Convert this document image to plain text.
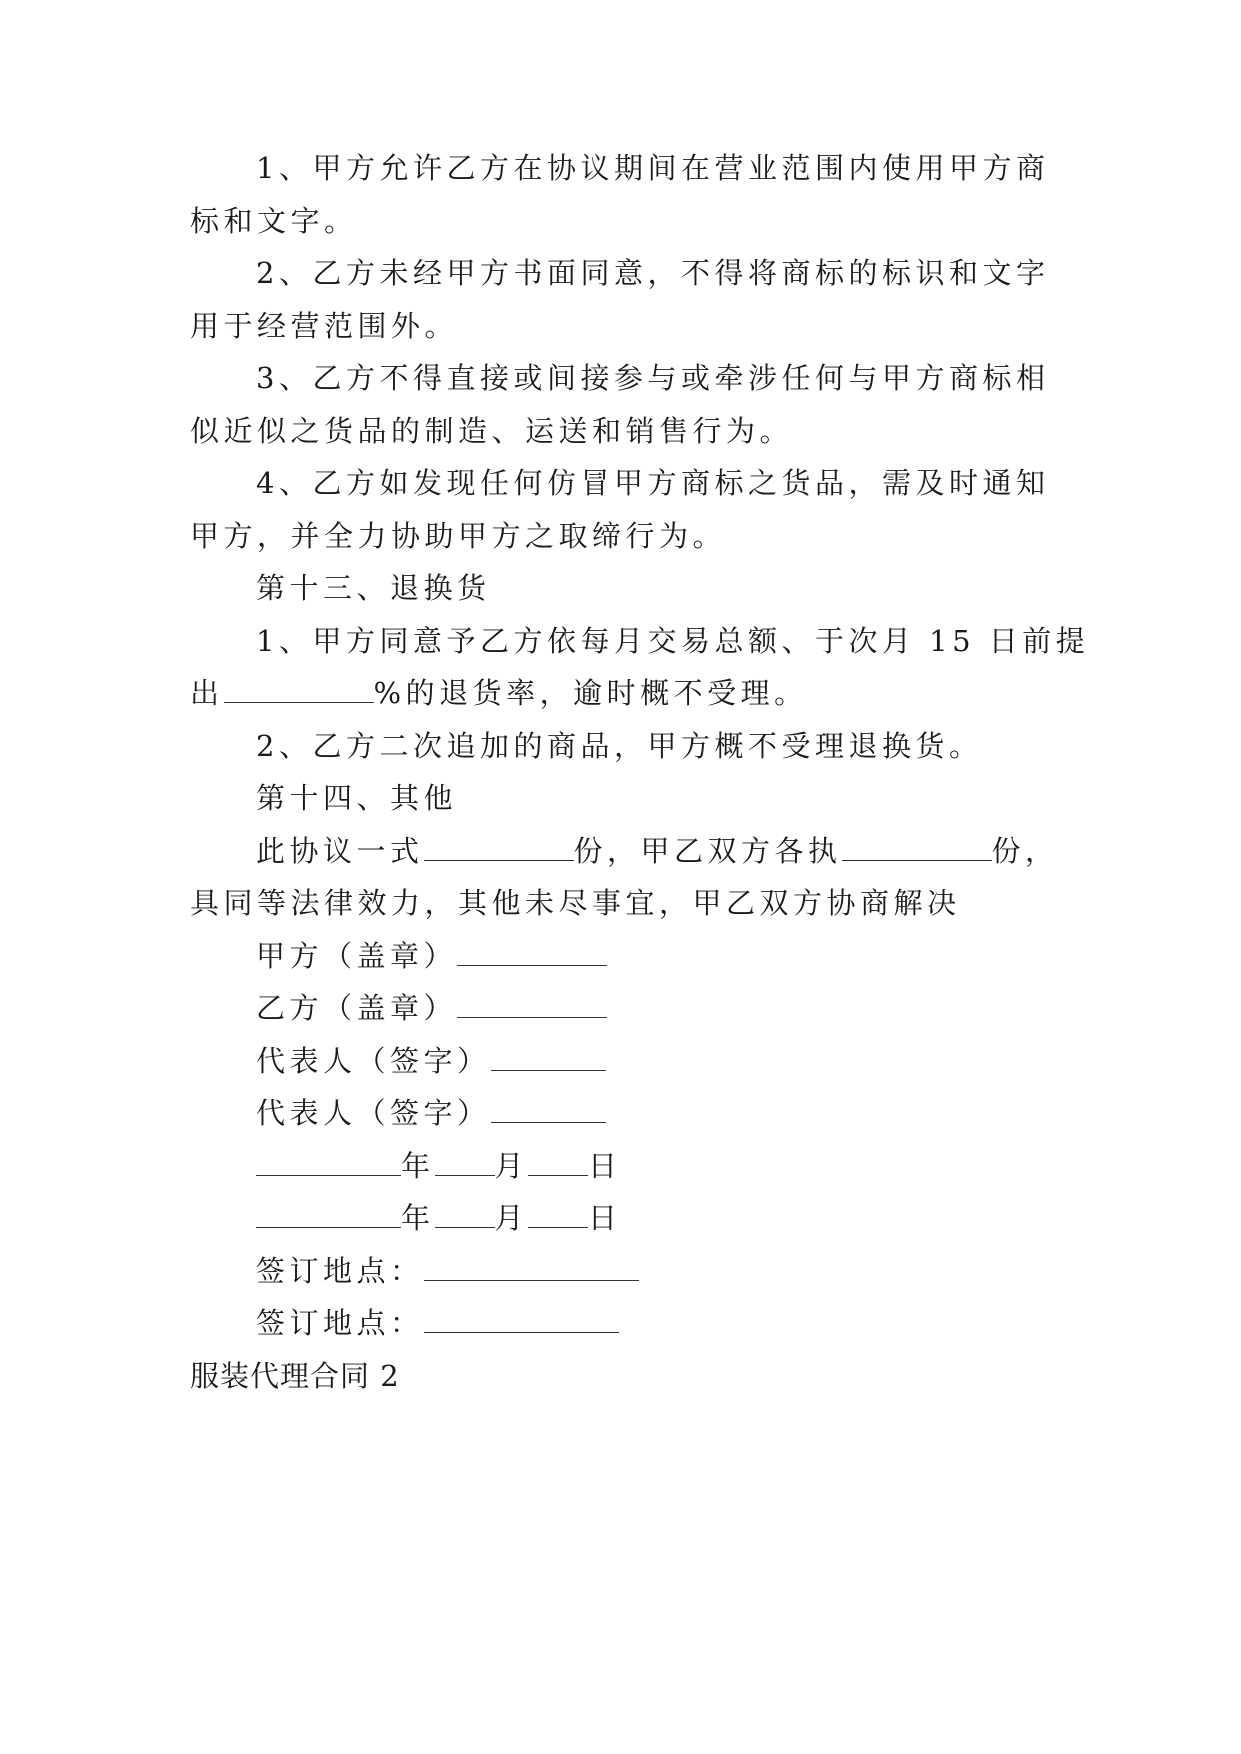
1、甲方允许乙方在协议期间在营业范围内使用甲方商
标和文字。
2、乙方未经甲方书面同意，不得将商标的标识和文字
用于经营范围外。
3、乙方不得直接或间接参与或牵涉任何与甲方商标相
似近似之货品的制造、运送和销售行为。
4、乙方如发现任何仿冒甲方商标之货品，需及时通知
甲方，并全力协助甲方之取缔行为。
第十三、退换货
1、甲方同意予乙方依每月交易总额、于次月 15 日前提
出	%的退货率，逾时概不受理。
2、乙方二次追加的商品，甲方概不受理退换货。
第十四、其他
此协议一式	份，甲乙双方各执	份，
具同等法律效力，其他未尽事宜，甲乙双方协商解决
甲方（盖章）
乙方（盖章）
代表人（签字）
代表人（签字）
年 月 日
年 月 日
签订地点：
签订地点：
服装代理合同 2
